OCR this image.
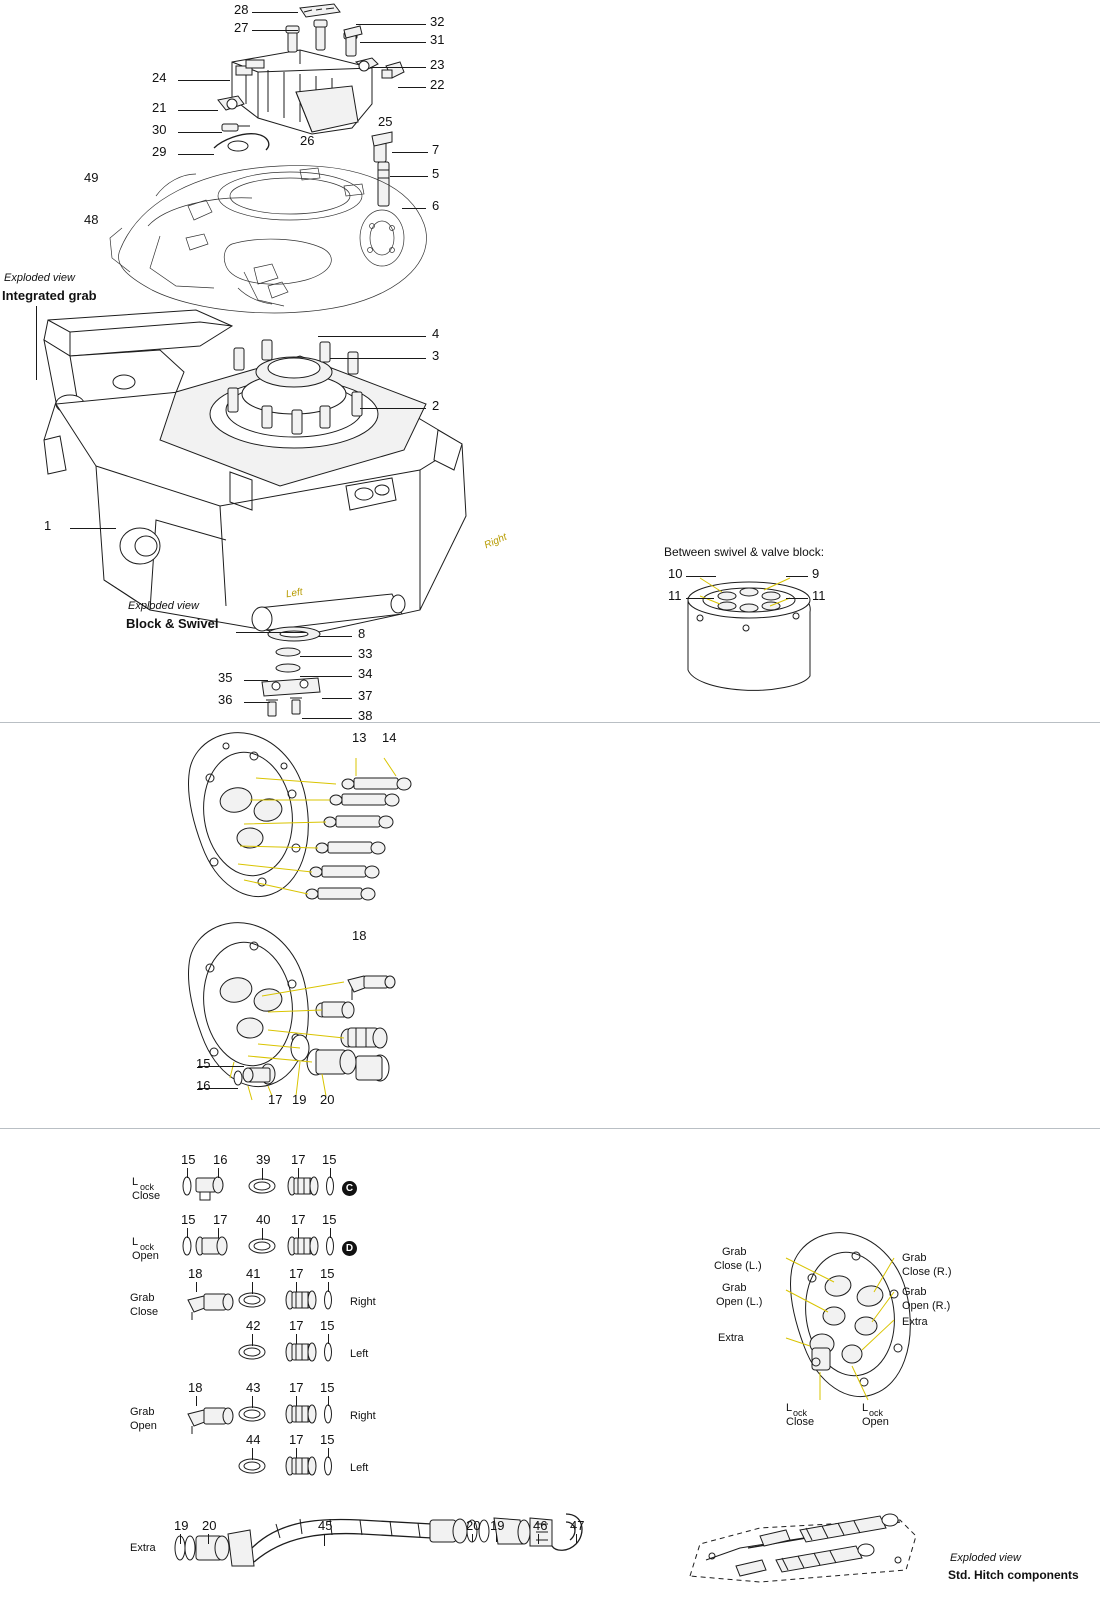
28
27	32
31
24
23
22
21
25
30
26
29	7
5
6
49
48
4
3
2
1
8
33
34
35
36	37
38
Right
Left
Exploded view
Integrated grab
Exploded view
Block & Swivel
Between swivel & valve block:
10	9
11	11
13 14
18
15
16
17 19 20
15 16 39 17 15
L ock
Close
C
15 17 40 17 15
L ock
Open
D
18	41 17 15
Grab
Close
Right
42 17 15
Left
18	43 17 15
Grab
Open
Right
44 17 15
Left
19 20	45	20 19 46 47
Extra
Grab
Close (L.)
Grab
Open (L.)
Extra
Grab
Close (R.)
Grab
Open (R.)
Extra
L ock
Close
L ock
Open
Exploded view
Std. Hitch components
